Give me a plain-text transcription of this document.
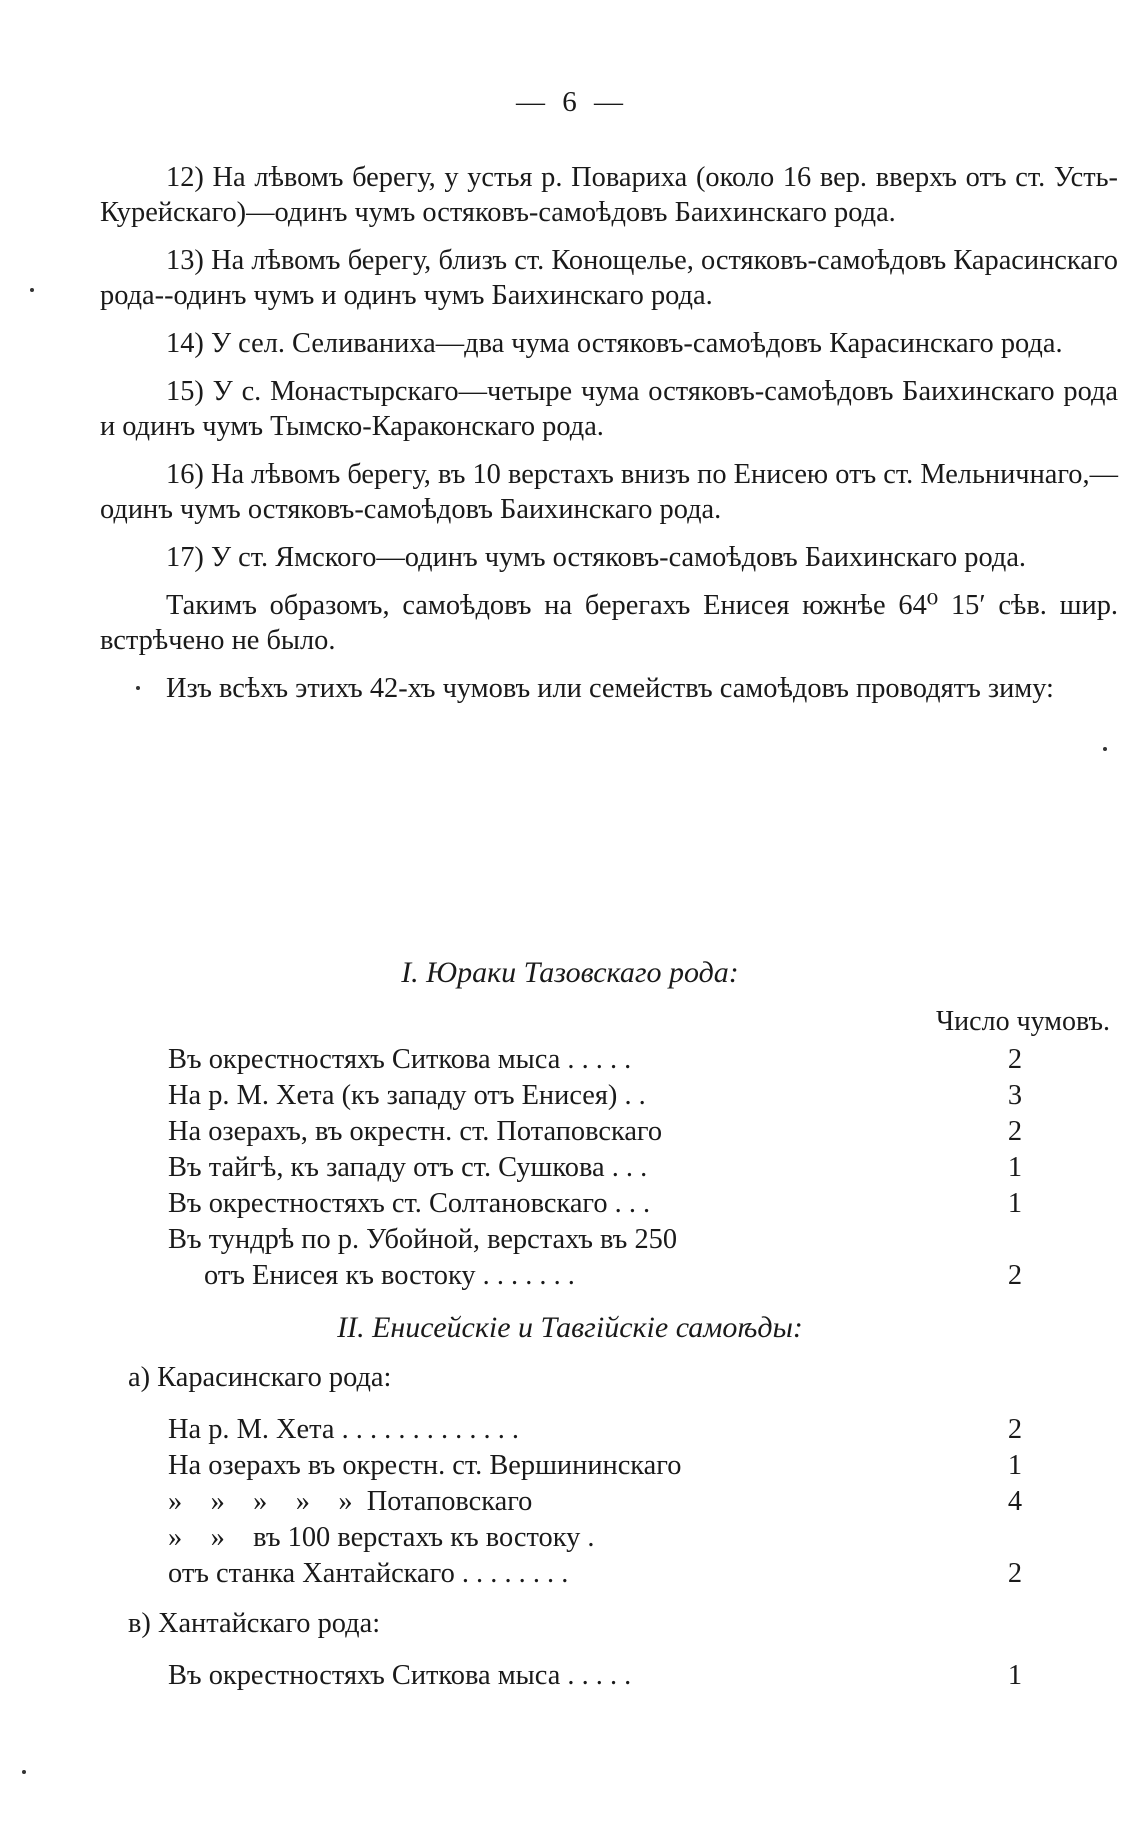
— 6 —

12) На лѣвомъ берегу, у устья р. Повариха (около 16 вер. вверхъ отъ ст. Усть-Курейскаго)—одинъ чумъ остяковъ-самоѣдовъ Баихинскаго рода.

13) На лѣвомъ берегу, близъ ст. Конощелье, остяковъ-самоѣдовъ Карасинскаго рода--одинъ чумъ и одинъ чумъ Баихинскаго рода.

14) У сел. Селиваниха—два чума остяковъ-самоѣдовъ Карасинскаго рода.

15) У с. Монастырскаго—четыре чума остяковъ-самоѣдовъ Баихинскаго рода и одинъ чумъ Тымско-Караконскаго рода.

16) На лѣвомъ берегу, въ 10 верстахъ внизъ по Енисею отъ ст. Мельничнаго,—одинъ чумъ остяковъ-самоѣдовъ Баихинскаго рода.

17) У ст. Ямского—одинъ чумъ остяковъ-самоѣдовъ Баихинскаго рода.

Такимъ образомъ, самоѣдовъ на берегахъ Енисея южнѣе 64⁰ 15′ сѣв. шир. встрѣчено не было.

Изъ всѣхъ этихъ 42-хъ чумовъ или семействъ самоѣдовъ проводятъ зиму:

I. Юраки Тазовскаго рода:
Число чумовъ.
Въ окрестностяхъ Ситкова мыса . . . . .	2
На р. М. Хета (къ западу отъ Енисея) . .	3
На озерахъ, въ окрестн. ст. Потаповскаго	2
Въ тайгѣ, къ западу отъ ст. Сушкова . . .	1
Въ окрестностяхъ ст. Солтановскаго . . .	1
Въ тундрѣ по р. Убойной, верстахъ въ 250
отъ Енисея къ востоку . . . . . . .	2
II. Енисейскіе и Тавгійскіе самоѣды:
а) Карасинскаго рода:
На р. М. Хета . . . . . . . . . . . . .	2
На озерахъ въ окрестн. ст. Вершининскаго	1
»    »    »    »    »  Потаповскаго	4
»    »    въ 100 верстахъ къ востоку .
отъ станка Хантайскаго . . . . . . . .	2
в) Хантайскаго рода:
Въ окрестностяхъ Ситкова мыса . . . . .	1
